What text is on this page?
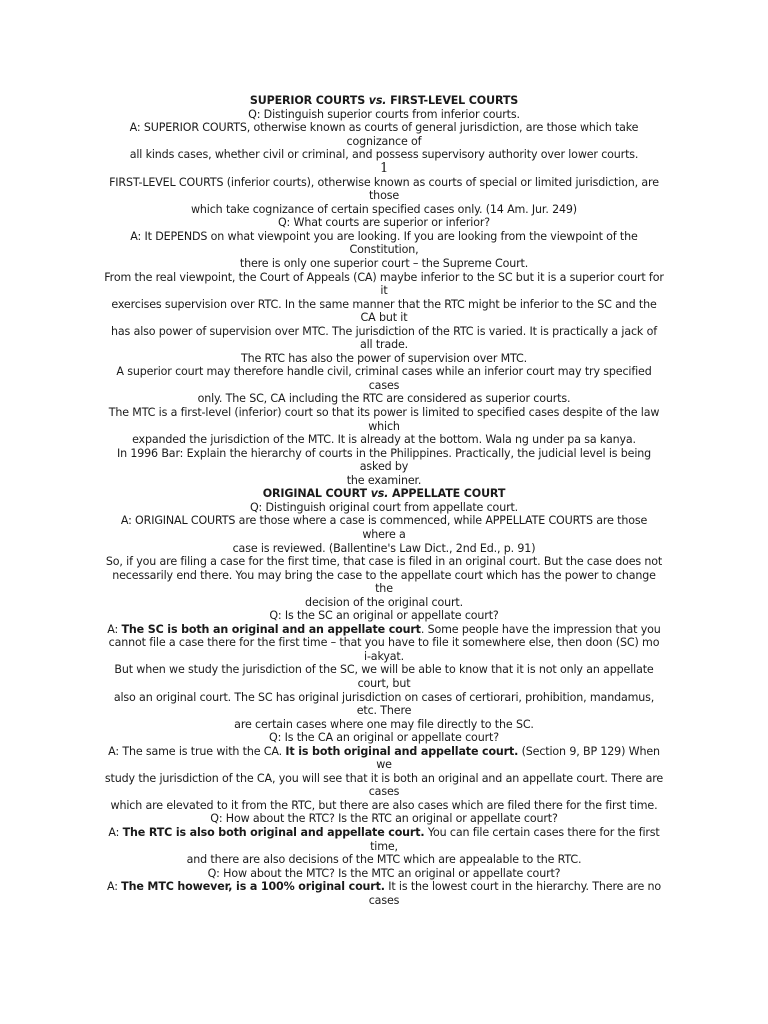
SUPERIOR COURTS vs. FIRST-LEVEL COURTS
Q: Distinguish superior courts from inferior courts.
A: SUPERIOR COURTS, otherwise known as courts of general jurisdiction, are those which take
cognizance of
all kinds cases, whether civil or criminal, and possess supervisory authority over lower courts.
1
FIRST-LEVEL COURTS (inferior courts), otherwise known as courts of special or limited jurisdiction, are
those
which take cognizance of certain specified cases only. (14 Am. Jur. 249)
Q: What courts are superior or inferior?
A: It DEPENDS on what viewpoint you are looking. If you are looking from the viewpoint of the
Constitution,
there is only one superior court – the Supreme Court.
From the real viewpoint, the Court of Appeals (CA) maybe inferior to the SC but it is a superior court for
it
exercises supervision over RTC. In the same manner that the RTC might be inferior to the SC and the
CA but it
has also power of supervision over MTC. The jurisdiction of the RTC is varied. It is practically a jack of
all trade.
The RTC has also the power of supervision over MTC.
A superior court may therefore handle civil, criminal cases while an inferior court may try specified
cases
only. The SC, CA including the RTC are considered as superior courts.
The MTC is a first-level (inferior) court so that its power is limited to specified cases despite of the law
which
expanded the jurisdiction of the MTC. It is already at the bottom. Wala ng under pa sa kanya.
In 1996 Bar: Explain the hierarchy of courts in the Philippines. Practically, the judicial level is being
asked by
the examiner.
ORIGINAL COURT vs. APPELLATE COURT
Q: Distinguish original court from appellate court.
A: ORIGINAL COURTS are those where a case is commenced, while APPELLATE COURTS are those
where a
case is reviewed. (Ballentine's Law Dict., 2nd Ed., p. 91)
So, if you are filing a case for the first time, that case is filed in an original court. But the case does not
necessarily end there. You may bring the case to the appellate court which has the power to change
the
decision of the original court.
Q: Is the SC an original or appellate court?
A: The SC is both an original and an appellate court. Some people have the impression that you
cannot file a case there for the first time – that you have to file it somewhere else, then doon (SC) mo
i-akyat.
But when we study the jurisdiction of the SC, we will be able to know that it is not only an appellate
court, but
also an original court. The SC has original jurisdiction on cases of certiorari, prohibition, mandamus,
etc. There
are certain cases where one may file directly to the SC.
Q: Is the CA an original or appellate court?
A: The same is true with the CA. It is both original and appellate court. (Section 9, BP 129) When
we
study the jurisdiction of the CA, you will see that it is both an original and an appellate court. There are
cases
which are elevated to it from the RTC, but there are also cases which are filed there for the first time.
Q: How about the RTC? Is the RTC an original or appellate court?
A: The RTC is also both original and appellate court. You can file certain cases there for the first
time,
and there are also decisions of the MTC which are appealable to the RTC.
Q: How about the MTC? Is the MTC an original or appellate court?
A: The MTC however, is a 100% original court. It is the lowest court in the hierarchy. There are no
cases
